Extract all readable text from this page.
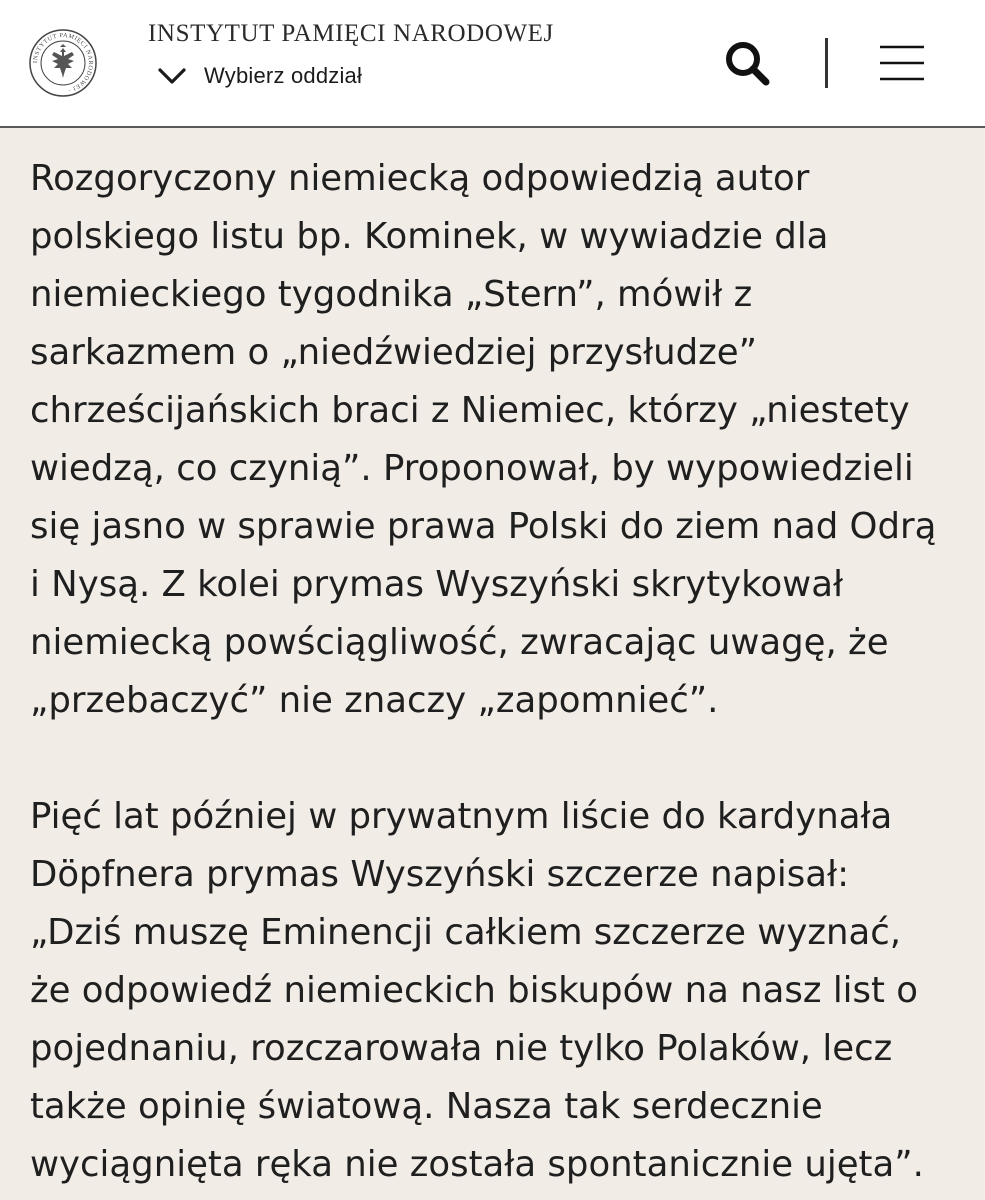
INSTYTUT PAMIĘCI NARODOWEJ ·
INSTYTUT PAMIĘCI NARODOWEJ
Wybierz oddział

Rozgoryczony niemiecką odpowiedzią autor
polskiego listu bp. Kominek, w wywiadzie dla
niemieckiego tygodnika „Stern”, mówił z
sarkazmem o „niedźwiedziej przysłudze”
chrześcijańskich braci z Niemiec, którzy „niestety
wiedzą, co czynią”. Proponował, by wypowiedzieli
się jasno w sprawie prawa Polski do ziem nad Odrą
i Nysą. Z kolei prymas Wyszyński skrytykował
niemiecką powściągliwość, zwracając uwagę, że
„przebaczyć” nie znaczy „zapomnieć”.

Pięć lat później w prywatnym liście do kardynała
Döpfnera prymas Wyszyński szczerze napisał:
„Dziś muszę Eminencji całkiem szczerze wyznać,
że odpowiedź niemieckich biskupów na nasz list o
pojednaniu, rozczarowała nie tylko Polaków, lecz
także opinię światową. Nasza tak serdecznie
wyciągnięta ręka nie została spontanicznie ujęta”.
